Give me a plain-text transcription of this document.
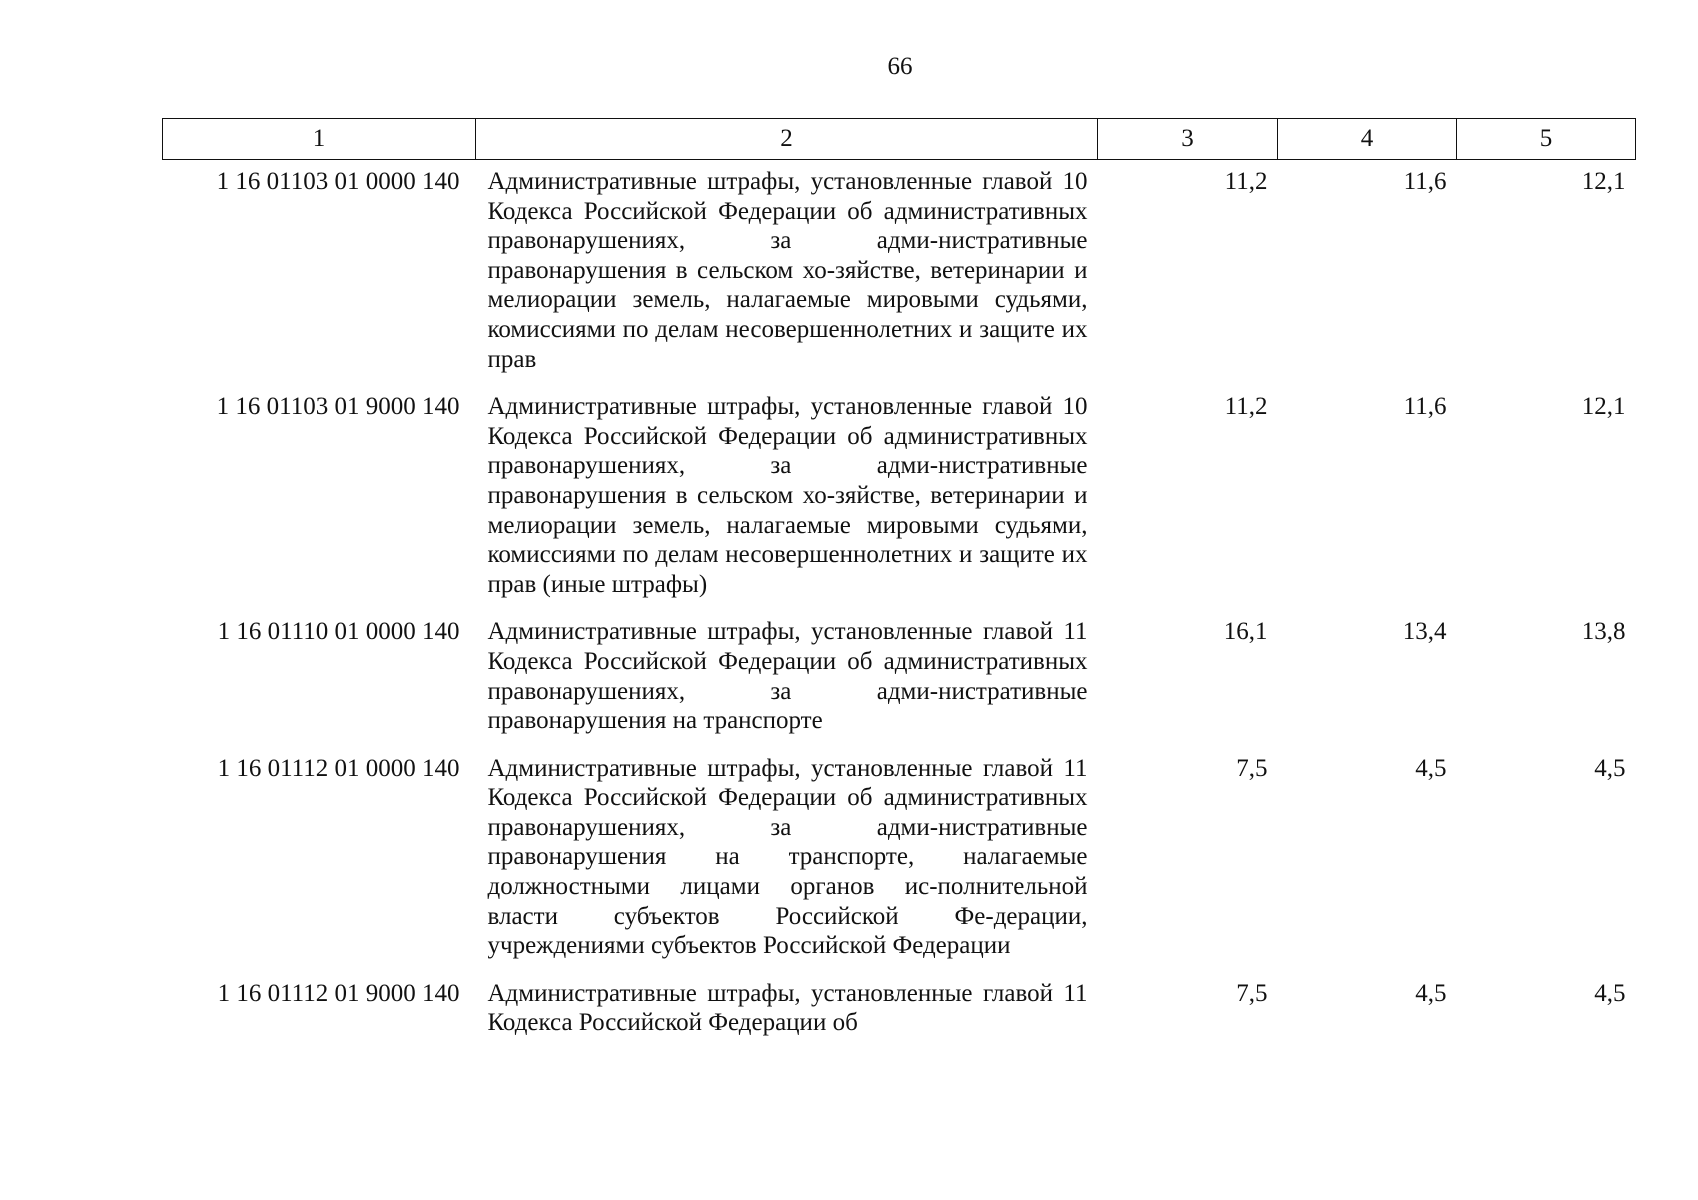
66
1	2	3	4	5
1 16 01103 01 0000 140	Административные штрафы, установленные главой 10 Кодекса Российской Федерации об административных правонарушениях, за адми-нистративные правонарушения в сельском хо-зяйстве, ветеринарии и мелиорации земель, налагаемые мировыми судьями, комиссиями по делам несовершеннолетних и защите их прав	11,2	11,6	12,1
1 16 01103 01 9000 140	Административные штрафы, установленные главой 10 Кодекса Российской Федерации об административных правонарушениях, за адми-нистративные правонарушения в сельском хо-зяйстве, ветеринарии и мелиорации земель, налагаемые мировыми судьями, комиссиями по делам несовершеннолетних и защите их прав (иные штрафы)	11,2	11,6	12,1
1 16 01110 01 0000 140	Административные штрафы, установленные главой 11 Кодекса Российской Федерации об административных правонарушениях, за адми-нистративные правонарушения на транспорте	16,1	13,4	13,8
1 16 01112 01 0000 140	Административные штрафы, установленные главой 11 Кодекса Российской Федерации об административных правонарушениях, за адми-нистративные правонарушения на транспорте, налагаемые должностными лицами органов ис-полнительной власти субъектов Российской Фе-дерации, учреждениями субъектов Российской Федерации	7,5	4,5	4,5
1 16 01112 01 9000 140	Административные штрафы, установленные главой 11 Кодекса Российской Федерации об	7,5	4,5	4,5
